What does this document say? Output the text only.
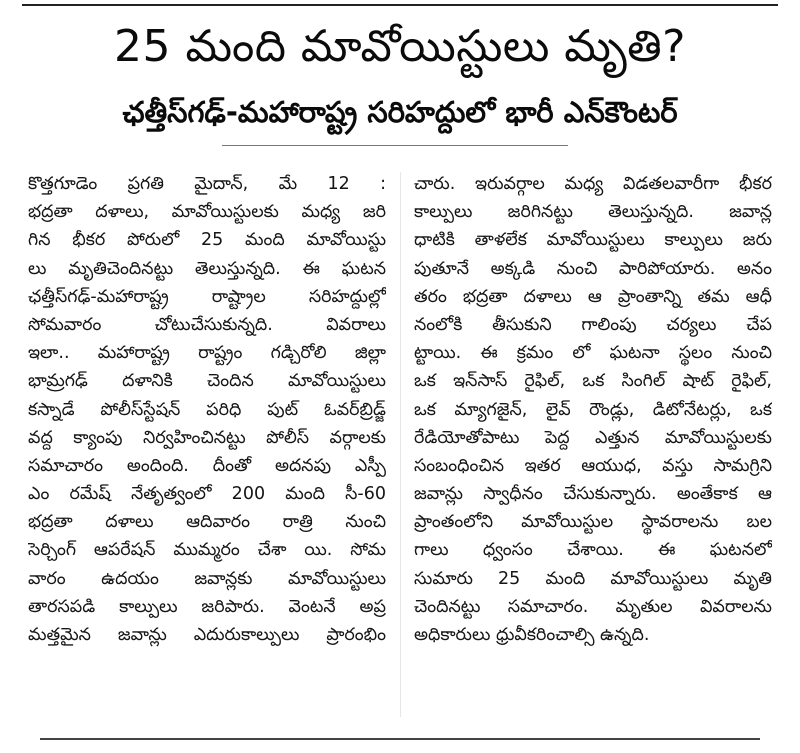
25 మంది మావోయిస్టులు మృతి?
ఛత్తీస్‌గఢ్-మహారాష్ట్ర సరిహద్దులో భారీ ఎన్‌కౌంటర్
కొత్తగూడెం ప్రగతి మైదాన్, మే 12 :
భద్రతా దళాలు, మావోయిస్టులకు మధ్య జరి
గిన భీకర పోరులో 25 మంది మావోయిస్టు
లు మృతిచెందినట్టు తెలుస్తున్నది. ఈ ఘటన
ఛత్తీస్‌గఢ్-మహారాష్ట్ర రాష్ట్రాల సరిహద్దుల్లో
సోమవారం చోటుచేసుకున్నది. వివరాలు
ఇలా.. మహారాష్ట్ర రాష్ట్రం గడ్చిరోలి జిల్లా
భామ్రగఢ్ దళానికి చెందిన మావోయిస్టులు
కస్నాడే పోలీస్‌స్టేషన్ పరిధి పుట్ ఓవర్‌బ్రిడ్జ్
వద్ద క్యాంపు నిర్వహించినట్టు పోలీస్ వర్గాలకు
సమాచారం అందింది. దీంతో అదనపు ఎస్పీ
ఎం రమేష్ నేతృత్వంలో 200 మంది సీ-60
భద్రతా దళాలు ఆదివారం రాత్రి నుంచి
సెర్చింగ్ ఆపరేషన్ ముమ్మరం చేశా యి. సోమ
వారం ఉదయం జవాన్లకు మావోయిస్టులు
తారసపడి కాల్పులు జరిపారు. వెంటనే అప్ర
మత్తమైన జవాన్లు ఎదురుకాల్పులు ప్రారంభిం
చారు. ఇరువర్గాల మధ్య విడతలవారీగా భీకర
కాల్పులు జరిగినట్టు తెలుస్తున్నది. జవాన్ల
ధాటికి తాళలేక మావోయిస్టులు కాల్పులు జరు
పుతూనే అక్కడి నుంచి పారిపోయారు. అనం
తరం భద్రతా దళాలు ఆ ప్రాంతాన్ని తమ ఆధీ
నంలోకి తీసుకుని గాలింపు చర్యలు చేప
ట్టాయి. ఈ క్రమం లో ఘటనా స్థలం నుంచి
ఒక ఇన్‌సాస్ రైఫిల్, ఒక సింగిల్ షాట్ రైఫిల్,
ఒక మ్యాగజైన్, లైవ్ రౌండ్లు, డిటోనేటర్లు, ఒక
రేడియోతోపాటు పెద్ద ఎత్తున మావోయిస్టులకు
సంబంధించిన ఇతర ఆయుధ, వస్తు సామగ్రిని
జవాన్లు స్వాధీనం చేసుకున్నారు. అంతేకాక ఆ
ప్రాంతంలోని మావోయిస్టుల స్థావరాలను బల
గాలు ధ్వంసం చేశాయి. ఈ ఘటనలో
సుమారు 25 మంది మావోయిస్టులు మృతి
చెందినట్టు సమాచారం. మృతుల వివరాలను
అధికారులు ధ్రువీకరించాల్సి ఉన్నది.
